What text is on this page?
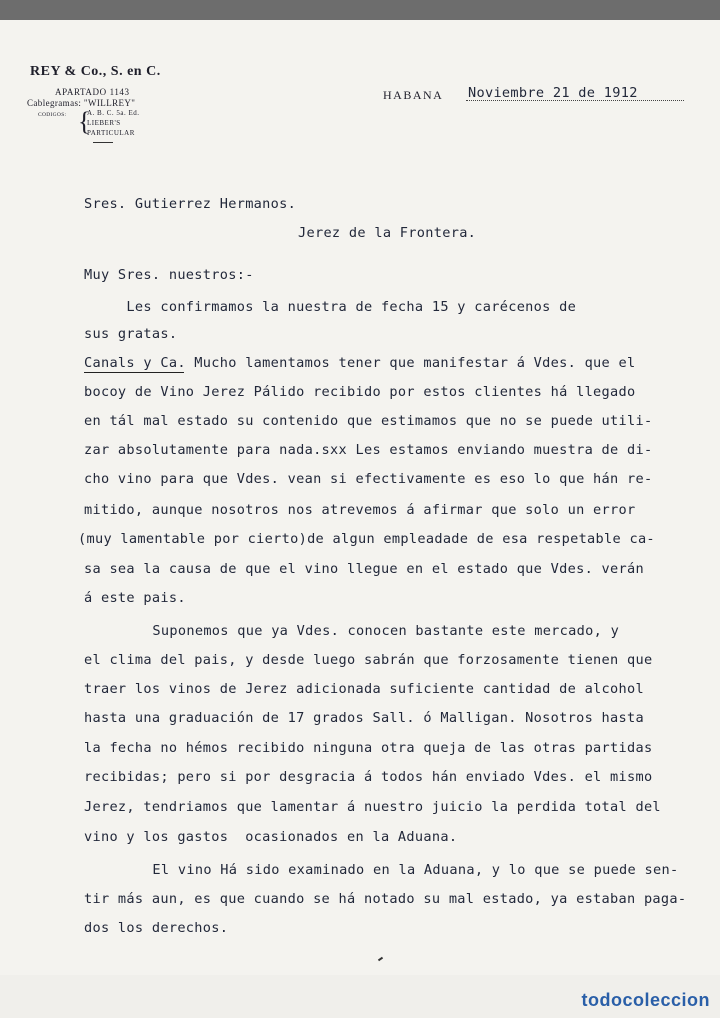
REY & Co., S. en C.
APARTADO 1143
Cablegramas: "WILLREY"
CODIGOS: {
A. B. C. 5a. Ed.
LIEBER'S
PARTICULAR
HABANA Noviembre 21 de 1912
Sres. Gutierrez Hermanos.
Jerez de la Frontera.
Muy Sres. nuestros:-
Les confirmamos la nuestra de fecha 15 y carécenos de
sus gratas.
Canals y Ca. Mucho lamentamos tener que manifestar á Vdes. que el
bocoy de Vino Jerez Pálido recibido por estos clientes há llegado
en tál mal estado su contenido que estimamos que no se puede utili-
zar absolutamente para nada.sxx Les estamos enviando muestra de di-
cho vino para que Vdes. vean si efectivamente es eso lo que hán re-
mitido, aunque nosotros nos atrevemos á afirmar que solo un error
(muy lamentable por cierto)de algun empleadade de esa respetable ca-
sa sea la causa de que el vino llegue en el estado que Vdes. verán
á este pais.
Suponemos que ya Vdes. conocen bastante este mercado, y
el clima del pais, y desde luego sabrán que forzosamente tienen que
traer los vinos de Jerez adicionada suficiente cantidad de alcohol
hasta una graduación de 17 grados Sall. ó Malligan. Nosotros hasta
la fecha no hémos recibido ninguna otra queja de las otras partidas
recibidas; pero si por desgracia á todos hán enviado Vdes. el mismo
Jerez, tendriamos que lamentar á nuestro juicio la perdida total del
vino y los gastos  ocasionados en la Aduana.
El vino Há sido examinado en la Aduana, y lo que se puede sen-
tir más aun, es que cuando se há notado su mal estado, ya estaban paga-
dos los derechos.
todocoleccion
